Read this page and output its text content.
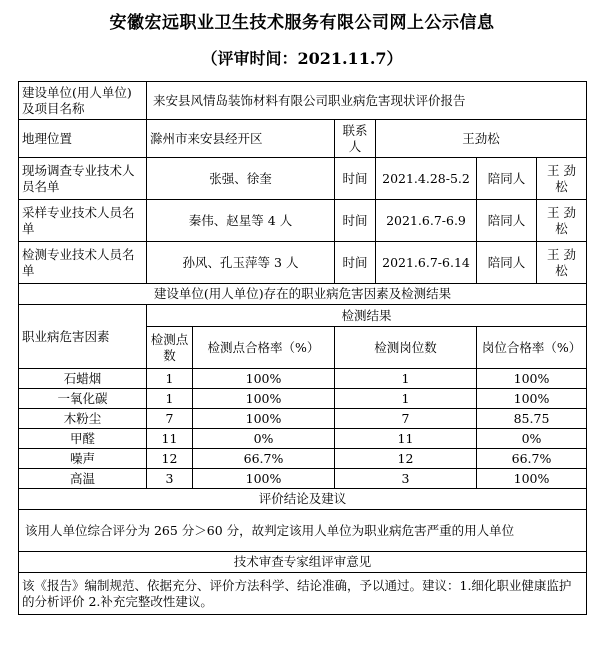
安徽宏远职业卫生技术服务有限公司网上公示信息
（评审时间：2021.11.7）
建设单位(用人单位)及项目名称	来安县风情岛装饰材料有限公司职业病危害现状评价报告					
地理位置	滁州市来安县经开区		联系人	王劲松		
现场调查专业技术人员名单	张强、徐奎		时间	2021.4.28-5.2	陪同人	王 劲 松
采样专业技术人员名单	秦伟、赵星等 4 人		时间	2021.6.7-6.9	陪同人	王 劲 松
检测专业技术人员名单	孙风、孔玉萍等 3 人		时间	2021.6.7-6.14	陪同人	王 劲 松
建设单位(用人单位)存在的职业病危害因素及检测结果						
职业病危害因素	检测结果					
	检测点数	检测点合格率（%）	检测岗位数		岗位合格率（%）	
石蜡烟	1	100%	1		100%	
一氧化碳	1	100%	1		100%	
木粉尘	7	100%	7		85.75	
甲醛	11	0%	11		0%	
噪声	12	66.7%	12		66.7%	
高温	3	100%	3		100%	
评价结论及建议						
该用人单位综合评分为 265 分＞60 分，故判定该用人单位为职业病危害严重的用人单位						
技术审查专家组评审意见						
该《报告》编制规范、依据充分、评价方法科学、结论准确，予以通过。建议：1.细化职业健康监护的分析评价 2.补充完整改性建议。						
